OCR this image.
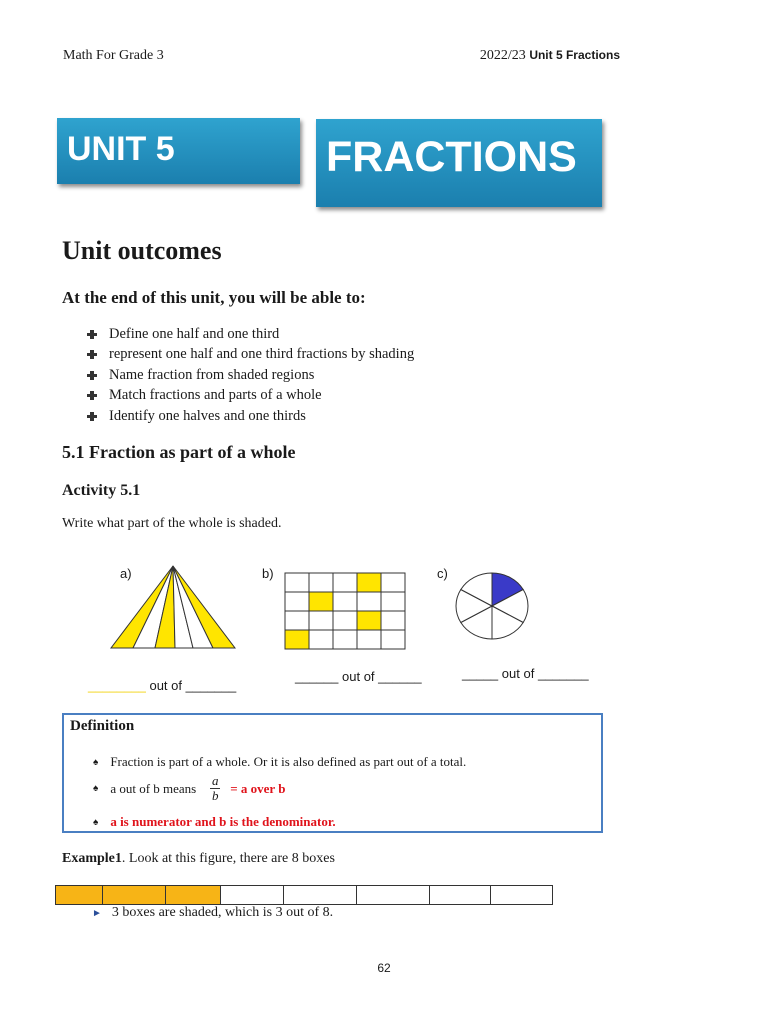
Math For Grade 3	2022/23 Unit 5 Fractions
UNIT 5	FRACTIONS
Unit outcomes
At the end of this unit, you will be able to:
Define one half and one third
represent one half and one third fractions by shading
Name fraction from shaded regions
Match fractions and parts of a whole
Identify one halves and one thirds
5.1 Fraction as part of a whole
Activity 5.1
Write what part of the whole is shaded.
a)	b)	c)
________ out of _______
______ out of ______	_____ out of _______
Definition
♠ Fraction is part of a whole. Or it is also defined as part out of a total.
♠ a out of b means $\frac{a}{b} = a$ over b
♠ a is numerator and b is the denominator.
Example1. Look at this figure, there are 8 boxes
► 3 boxes are shaded, which is 3 out of 8.
62
